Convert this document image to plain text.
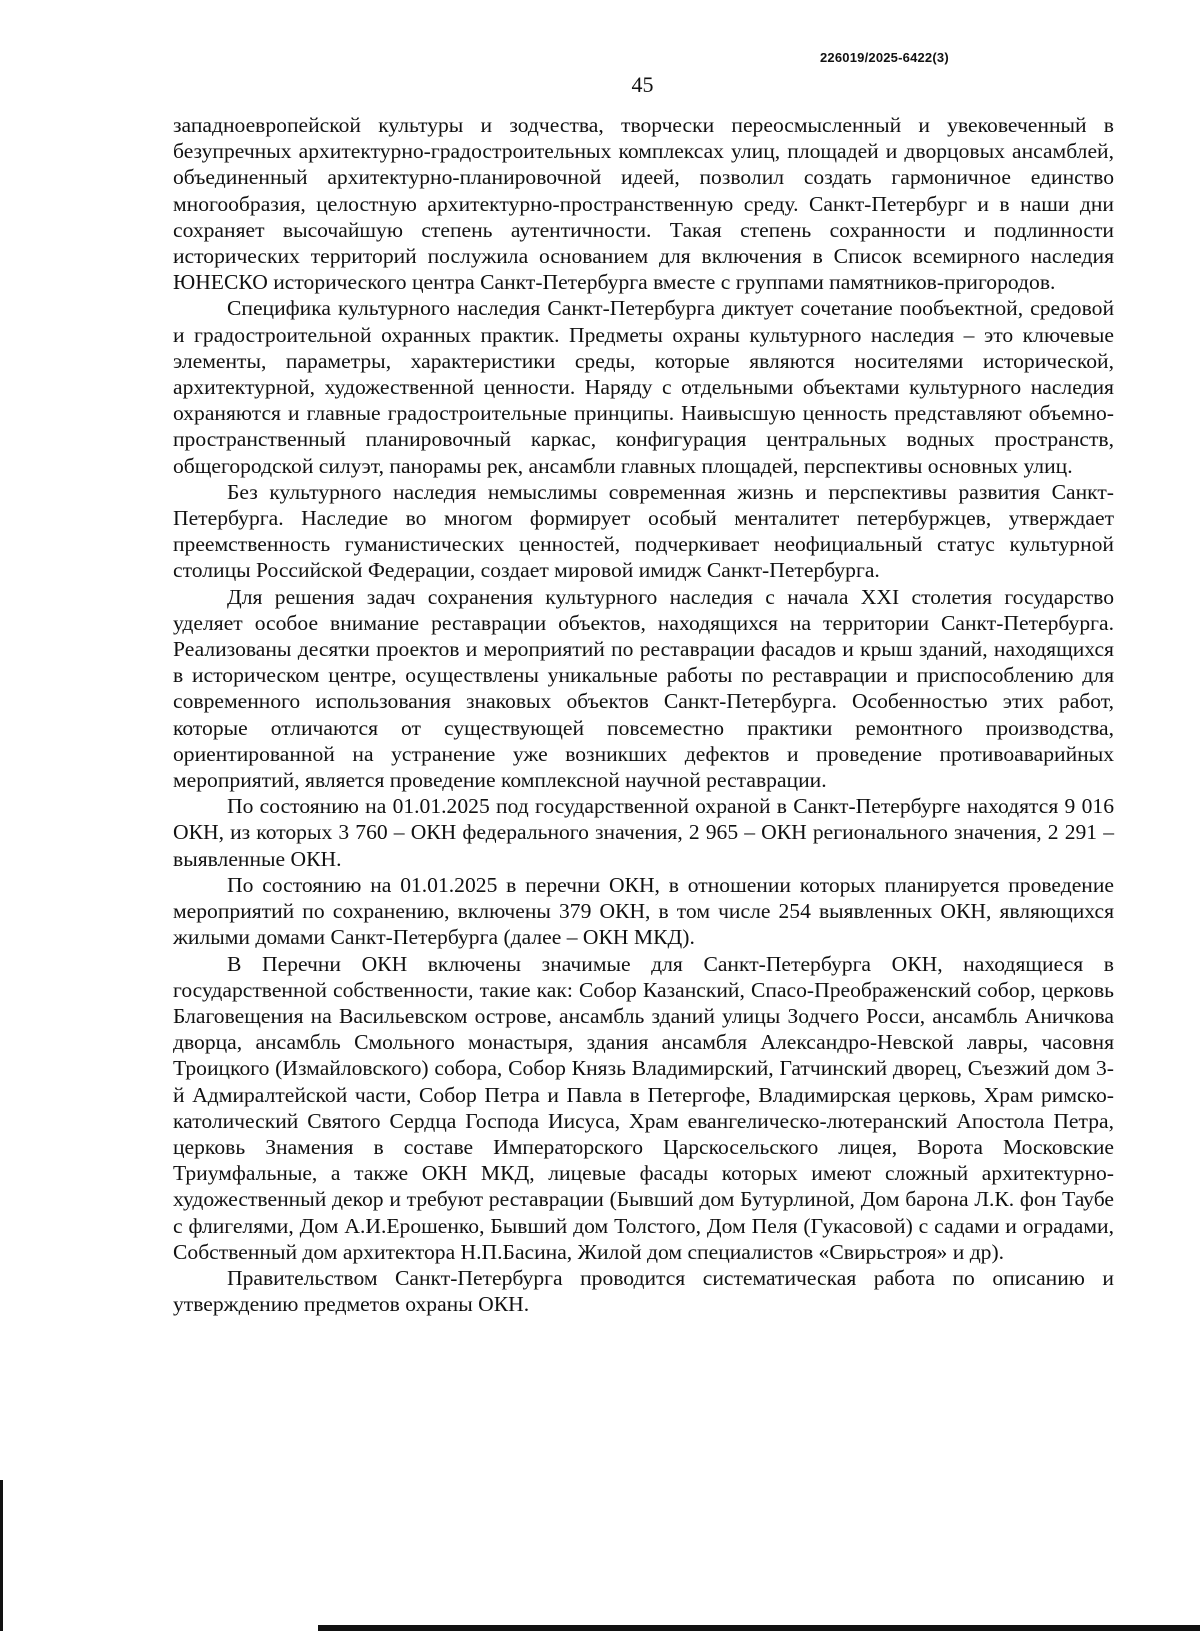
226019/2025-6422(3)
45

западноевропейской культуры и зодчества, творчески переосмысленный и увековеченный в безупречных архитектурно-градостроительных комплексах улиц, площадей и дворцовых ансамблей, объединенный архитектурно-планировочной идеей, позволил создать гармоничное единство многообразия, целостную архитектурно-пространственную среду. Санкт-Петербург и в наши дни сохраняет высочайшую степень аутентичности. Такая степень сохранности и подлинности исторических территорий послужила основанием для включения в Список всемирного наследия ЮНЕСКО исторического центра Санкт-Петербурга вместе с группами памятников-пригородов.

Специфика культурного наследия Санкт-Петербурга диктует сочетание пообъектной, средовой и градостроительной охранных практик. Предметы охраны культурного наследия – это ключевые элементы, параметры, характеристики среды, которые являются носителями исторической, архитектурной, художественной ценности. Наряду с отдельными объектами культурного наследия охраняются и главные градостроительные принципы. Наивысшую ценность представляют объемно-пространственный планировочный каркас, конфигурация центральных водных пространств, общегородской силуэт, панорамы рек, ансамбли главных площадей, перспективы основных улиц.

Без культурного наследия немыслимы современная жизнь и перспективы развития Санкт-Петербурга. Наследие во многом формирует особый менталитет петербуржцев, утверждает преемственность гуманистических ценностей, подчеркивает неофициальный статус культурной столицы Российской Федерации, создает мировой имидж Санкт-Петербурга.

Для решения задач сохранения культурного наследия с начала XXI столетия государство уделяет особое внимание реставрации объектов, находящихся на территории Санкт-Петербурга. Реализованы десятки проектов и мероприятий по реставрации фасадов и крыш зданий, находящихся в историческом центре, осуществлены уникальные работы по реставрации и приспособлению для современного использования знаковых объектов Санкт-Петербурга. Особенностью этих работ, которые отличаются от существующей повсеместно практики ремонтного производства, ориентированной на устранение уже возникших дефектов и проведение противоаварийных мероприятий, является проведение комплексной научной реставрации.

По состоянию на 01.01.2025 под государственной охраной в Санкт-Петербурге находятся 9 016 ОКН, из которых 3 760 – ОКН федерального значения, 2 965 – ОКН регионального значения, 2 291 – выявленные ОКН.

По состоянию на 01.01.2025 в перечни ОКН, в отношении которых планируется проведение мероприятий по сохранению, включены 379 ОКН, в том числе 254 выявленных ОКН, являющихся жилыми домами Санкт-Петербурга (далее – ОКН МКД).

В Перечни ОКН включены значимые для Санкт-Петербурга ОКН, находящиеся в государственной собственности, такие как: Собор Казанский, Спасо-Преображенский собор, церковь Благовещения на Васильевском острове, ансамбль зданий улицы Зодчего Росси, ансамбль Аничкова дворца, ансамбль Смольного монастыря, здания ансамбля Александро-Невской лавры, часовня Троицкого (Измайловского) собора, Собор Князь Владимирский, Гатчинский дворец, Съезжий дом 3-й Адмиралтейской части, Собор Петра и Павла в Петергофе, Владимирская церковь, Храм римско-католический Святого Сердца Господа Иисуса, Храм евангелическо-лютеранский Апостола Петра, церковь Знамения в составе Императорского Царскосельского лицея, Ворота Московские Триумфальные, а также ОКН МКД, лицевые фасады которых имеют сложный архитектурно-художественный декор и требуют реставрации (Бывший дом Бутурлиной, Дом барона Л.К. фон Таубе с флигелями, Дом А.И.Ерошенко, Бывший дом Толстого, Дом Пеля (Гукасовой) с садами и оградами, Собственный дом архитектора Н.П.Басина, Жилой дом специалистов «Свирьстроя» и др).

Правительством Санкт-Петербурга проводится систематическая работа по описанию и утверждению предметов охраны ОКН.
